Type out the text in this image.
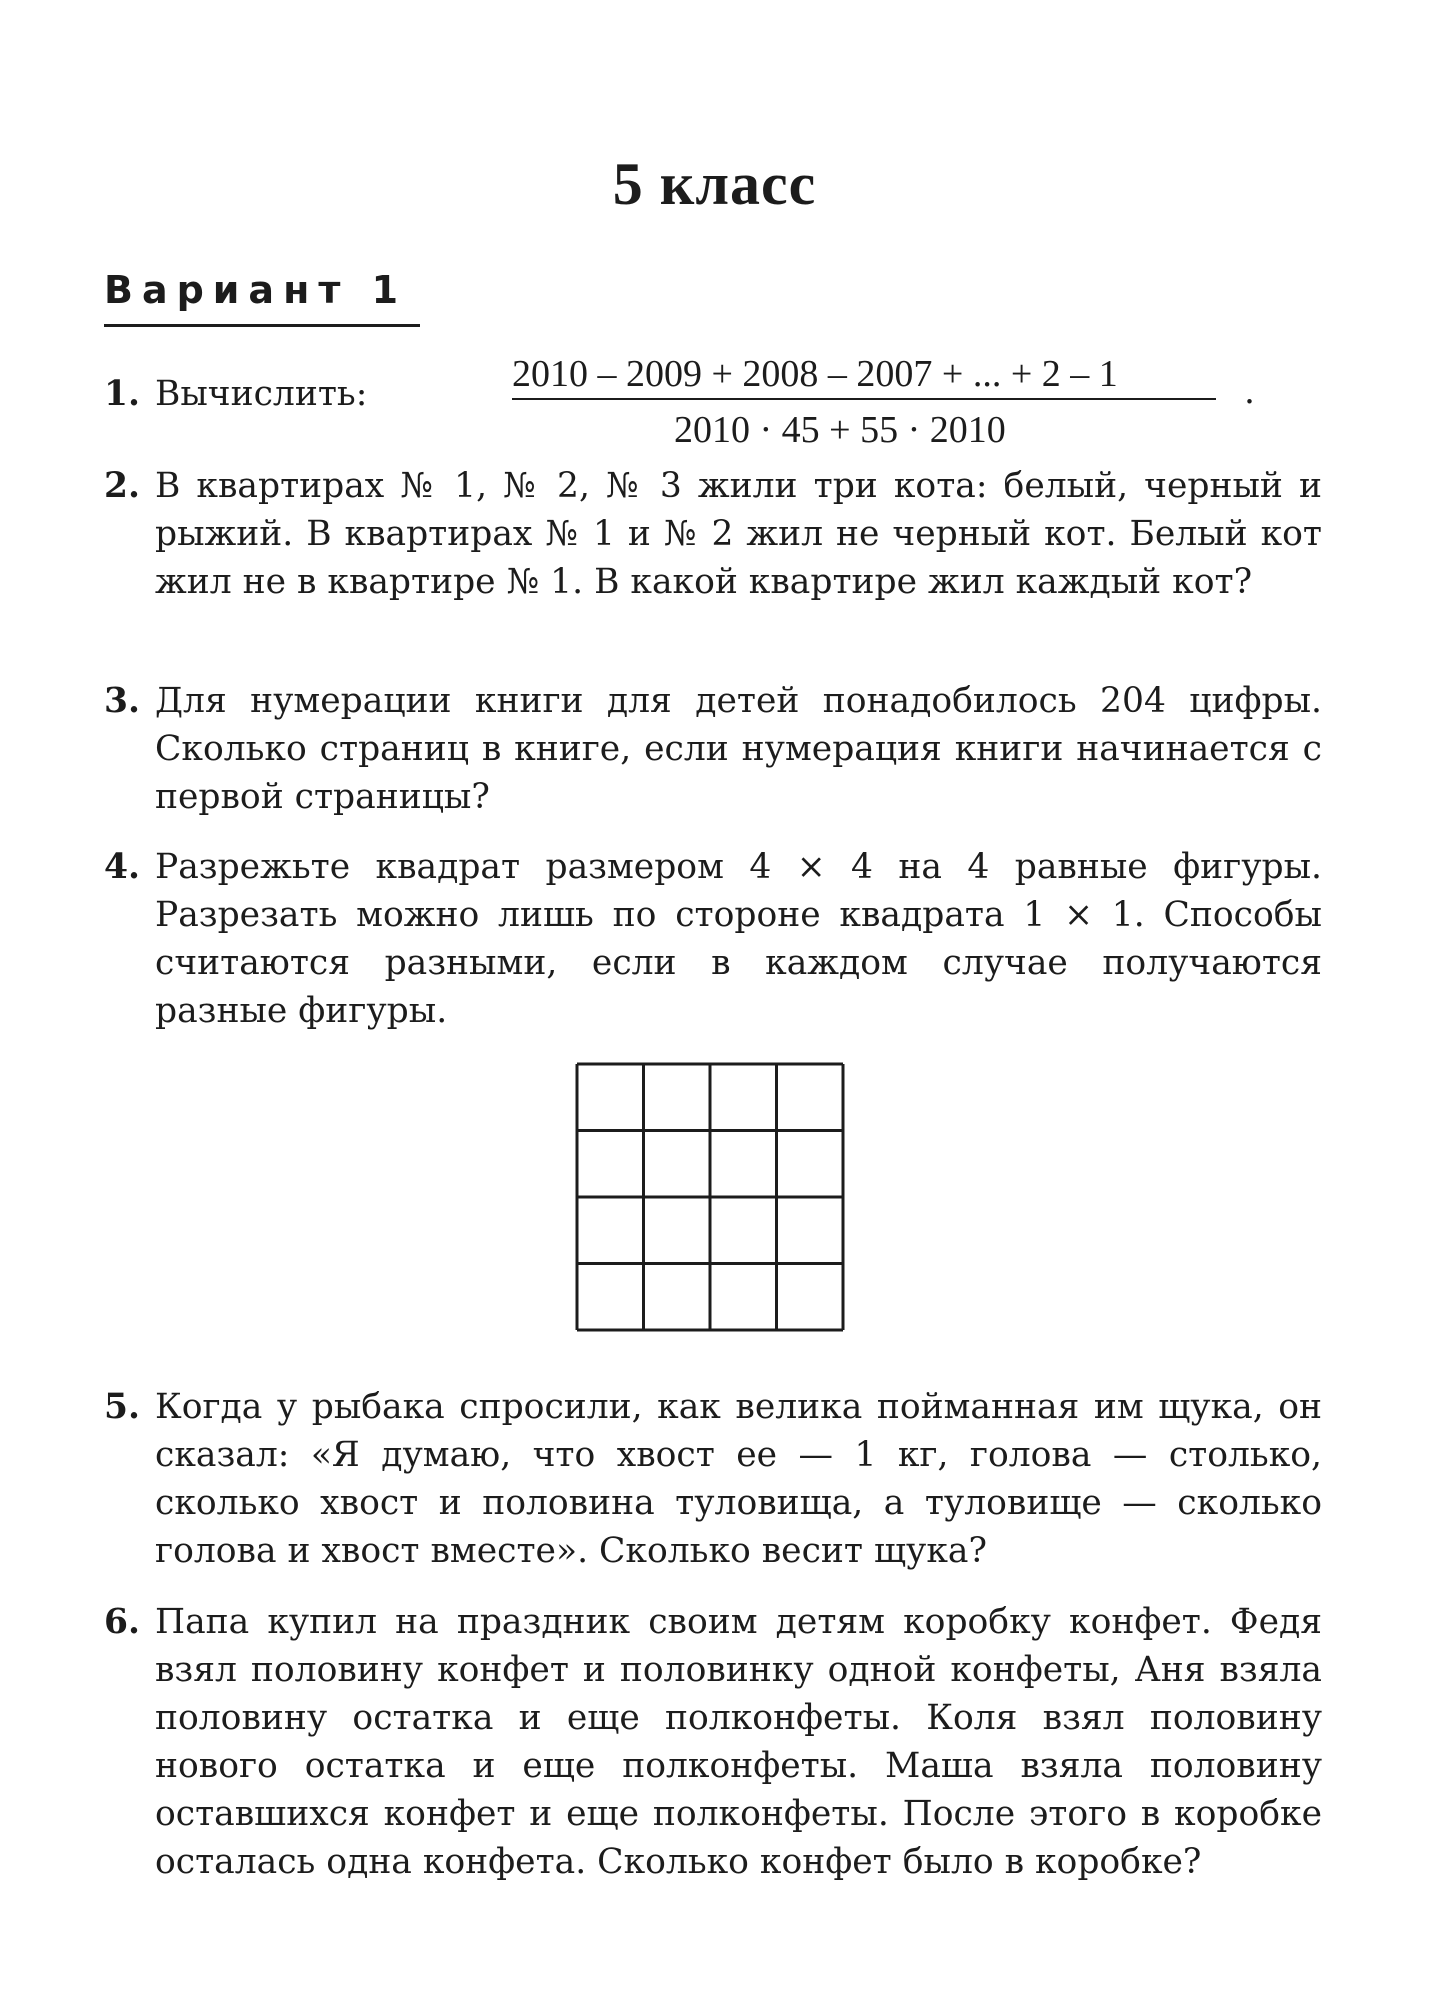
5 класс
Вариант 1
1. Вычислить:	2010 – 2009 + 2008 – 2007 + ... + 2 – 1
2010 · 45 + 55 · 2010
.
2. В квартирах № 1, № 2, № 3 жили три кота: белый, черный и рыжий. В квартирах № 1 и № 2 жил не черный кот. Белый кот жил не в квартире № 1. В какой квартире жил каждый кот?
3. Для нумерации книги для детей понадобилось 204 цифры. Сколько страниц в книге, если нумерация книги начинается с первой страницы?
4. Разрежьте квадрат размером 4 × 4 на 4 равные фигуры. Разрезать можно лишь по стороне квадрата 1 × 1. Способы считаются разными, если в каждом случае получаются разные фигуры.
5. Когда у рыбака спросили, как велика пойманная им щука, он сказал: «Я думаю, что хвост ее — 1 кг, голова — столько, сколько хвост и половина туловища, а туловище — сколько голова и хвост вместе». Сколько весит щука?
6. Папа купил на праздник своим детям коробку конфет. Федя взял половину конфет и половинку одной конфеты, Аня взяла половину остатка и еще полконфеты. Коля взял половину нового остатка и еще полконфеты. Маша взяла половину оставшихся конфет и еще полконфеты. После этого в коробке осталась одна конфета. Сколько конфет было в коробке?
